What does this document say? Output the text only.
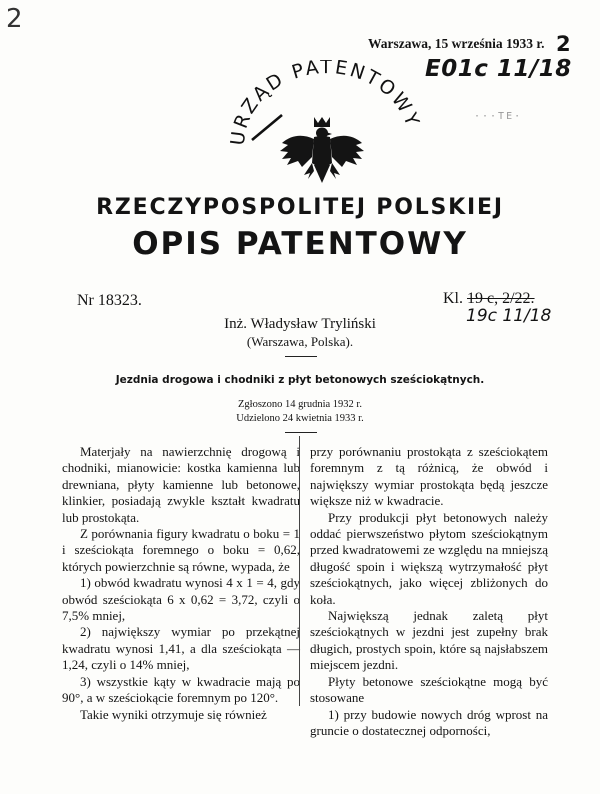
2
Warszawa, 15 września 1933 r. 2
E01c 11/18
···TE·
URZĄD PATENTOWY
RZECZYPOSPOLITEJ POLSKIEJ
OPIS PATENTOWY
Nr 18323.	Kl. 19 c, 2/22.
19c 11/18
Inż. Władysław Tryliński
(Warszawa, Polska).
Jezdnia drogowa i chodniki z płyt betonowych sześciokątnych.
Zgłoszono 14 grudnia 1932 r.
Udzielono 24 kwietnia 1933 r.

Materjały na nawierzchnię drogową i chodniki, mianowicie: kostka kamienna lub drewniana, płyty kamienne lub betonowe, klinkier, posiadają zwykle kształt kwadratu lub prostokąta.

Z porównania figury kwadratu o boku = 1 i sześciokąta foremnego o boku = 0,62, których powierzchnie są równe, wypada, że

1) obwód kwadratu wynosi 4 x 1 = 4, gdy obwód sześciokąta 6 x 0,62 = 3,72, czyli o 7,5% mniej,

2) największy wymiar po przekątnej kwadratu wynosi 1,41, a dla sześciokąta — 1,24, czyli o 14% mniej,

3) wszystkie kąty w kwadracie mają po 90°, a w sześciokącie foremnym po 120°.

Takie wyniki otrzymuje się również

przy porównaniu prostokąta z sześciokątem foremnym z tą różnicą, że obwód i największy wymiar prostokąta będą jeszcze większe niż w kwadracie.

Przy produkcji płyt betonowych należy oddać pierwszeństwo płytom sześciokątnym przed kwadratowemi ze względu na mniejszą długość spoin i większą wytrzymałość płyt sześciokątnych, jako więcej zbliżonych do koła.

Największą jednak zaletą płyt sześciokątnych w jezdni jest zupełny brak długich, prostych spoin, które są najsłabszem miejscem jezdni.

Płyty betonowe sześciokątne mogą być stosowane

1) przy budowie nowych dróg wprost na gruncie o dostatecznej odporności,
